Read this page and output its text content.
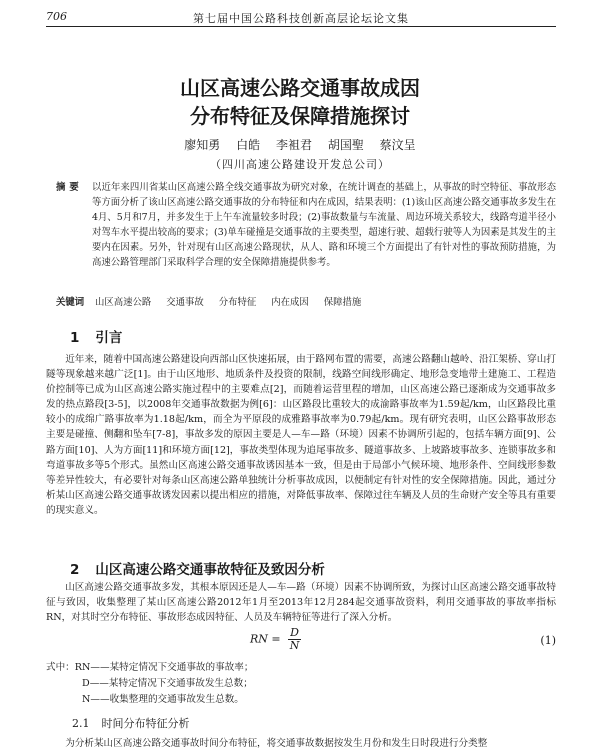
706	第七届中国公路科技创新高层论坛论文集
山区高速公路交通事故成因
分布特征及保障措施探讨
廖知勇 白皓 李袓君 胡国聖 蔡汶呈
（四川高速公路建设开发总公司）
摘要 以近年来四川省某山区高速公路全线交通事故为研究对象，在统计调查的基础上，从事故的时空特征、事故形态等方面分析了该山区高速公路交通事故的分布特征和内在成因，结果表明：(1)该山区高速公路交通事故多发生在4月、5月和7月，并多发生于上午车流量较多时段；(2)事故数量与车流量、周边环境关系较大，线路弯道半径小对驾车水平提出较高的要求；(3)单车碰撞是交通事故的主要类型，超速行驶、超载行驶等人为因素是其发生的主要内在因素。另外，针对现有山区高速公路现状，从人、路和环境三个方面提出了有针对性的事故预防措施，为高速公路管理部门采取科学合理的安全保障措施提供参考。
关键词 山区高速公路 交通事故 分布特征 内在成因 保障措施
1 引言
近年来，随着中国高速公路建设向西部山区快速拓展，由于路网布置的需要，高速公路翻山越岭、沿江架桥、穿山打隧等现象越来越广泛[1]。由于山区地形、地质条件及投资的限制，线路空间线形确定、地形急变地带土建施工、工程造价控制等已成为山区高速公路实施过程中的主要难点[2]，而随着运营里程的增加，山区高速公路已逐渐成为交通事故多发的热点路段[3-5]，以2008年交通事故数据为例[6]：山区路段比重较大的成渝路事故率为1.59起/km，山区路段比重较小的成绵广路事故率为1.18起/km，而全为平原段的成雅路事故率为0.79起/km。现有研究表明，山区公路事故形态主要是碰撞、侧翻和坠车[7-8]，事故多发的原因主要是人—车—路（环境）因素不协调所引起的，包括车辆方面[9]、公路方面[10]、人为方面[11]和环境方面[12]，事故类型体现为追尾事故多、隧道事故多、上坡路坡事故多、连锁事故多和弯道事故多等5个形式。虽然山区高速公路交通事故诱因基本一致，但是由于局部小气候环境、地形条件、空间线形参数等差异性较大，有必要针对每条山区高速公路单独统计分析事故成因，以便制定有针对性的安全保障措施。因此，通过分析某山区高速公路交通事故诱发因素以提出相应的措施，对降低事故率、保障过往车辆及人员的生命财产安全等具有重要的现实意义。
2 山区高速公路交通事故特征及致因分析
山区高速公路交通事故多发，其根本原因还是人—车—路（环境）因素不协调所致，为探讨山区高速公路交通事故特征与致因，收集整理了某山区高速公路2012年1月至2013年12月284起交通事故资料，利用交通事故的事故率指标RN，对其时空分布特征、事故形态成因特征、人员及车辆特征等进行了深入分析。
RN = $\frac{D}{N}$	(1)
式中：RN——某特定情况下交通事故的事故率；
D——某特定情况下交通事故发生总数；
N——收集整理的交通事故发生总数。
2.1 时间分布特征分析
为分析某山区高速公路交通事故时间分布特征，将交通事故数据按发生月份和发生日时段进行分类整
